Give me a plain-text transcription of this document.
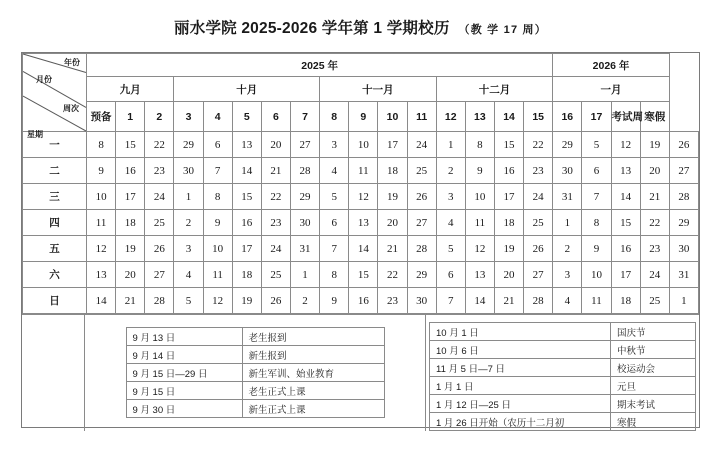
丽水学院 2025-2026 学年第 1 学期校历 （教 学 17 周）
年份
月份
周次
星期	2025 年																2026 年				
	九月			十月					十一月				十二月				一月				
	预备	1	2	3	4	5	6	7	8	9	10	11	12	13	14	15	16	17	考试周	寒假	
一	8	15	22	29	6	13	20	27	3	10	17	24	1	8	15	22	29	5	12	19	26
二	9	16	23	30	7	14	21	28	4	11	18	25	2	9	16	23	30	6	13	20	27
三	10	17	24	1	8	15	22	29	5	12	19	26	3	10	17	24	31	7	14	21	28
四	11	18	25	2	9	16	23	30	6	13	20	27	4	11	18	25	1	8	15	22	29
五	12	19	26	3	10	17	24	31	7	14	21	28	5	12	19	26	2	9	16	23	30
六	13	20	27	4	11	18	25	1	8	15	22	29	6	13	20	27	3	10	17	24	31
日	14	21	28	5	12	19	26	2	9	16	23	30	7	14	21	28	4	11	18	25	1
9 月 13 日	老生报到
9 月 14 日	新生报到
9 月 15 日—29 日	新生军训、始业教育
9 月 15 日	老生正式上课
9 月 30 日	新生正式上课
10 月 1 日	国庆节
10 月 6 日	中秋节
11 月 5 日—7 日	校运动会
1 月 1 日	元旦
1 月 12 日—25 日	期末考试
1 月 26 日开始（农历十二月初	寒假
